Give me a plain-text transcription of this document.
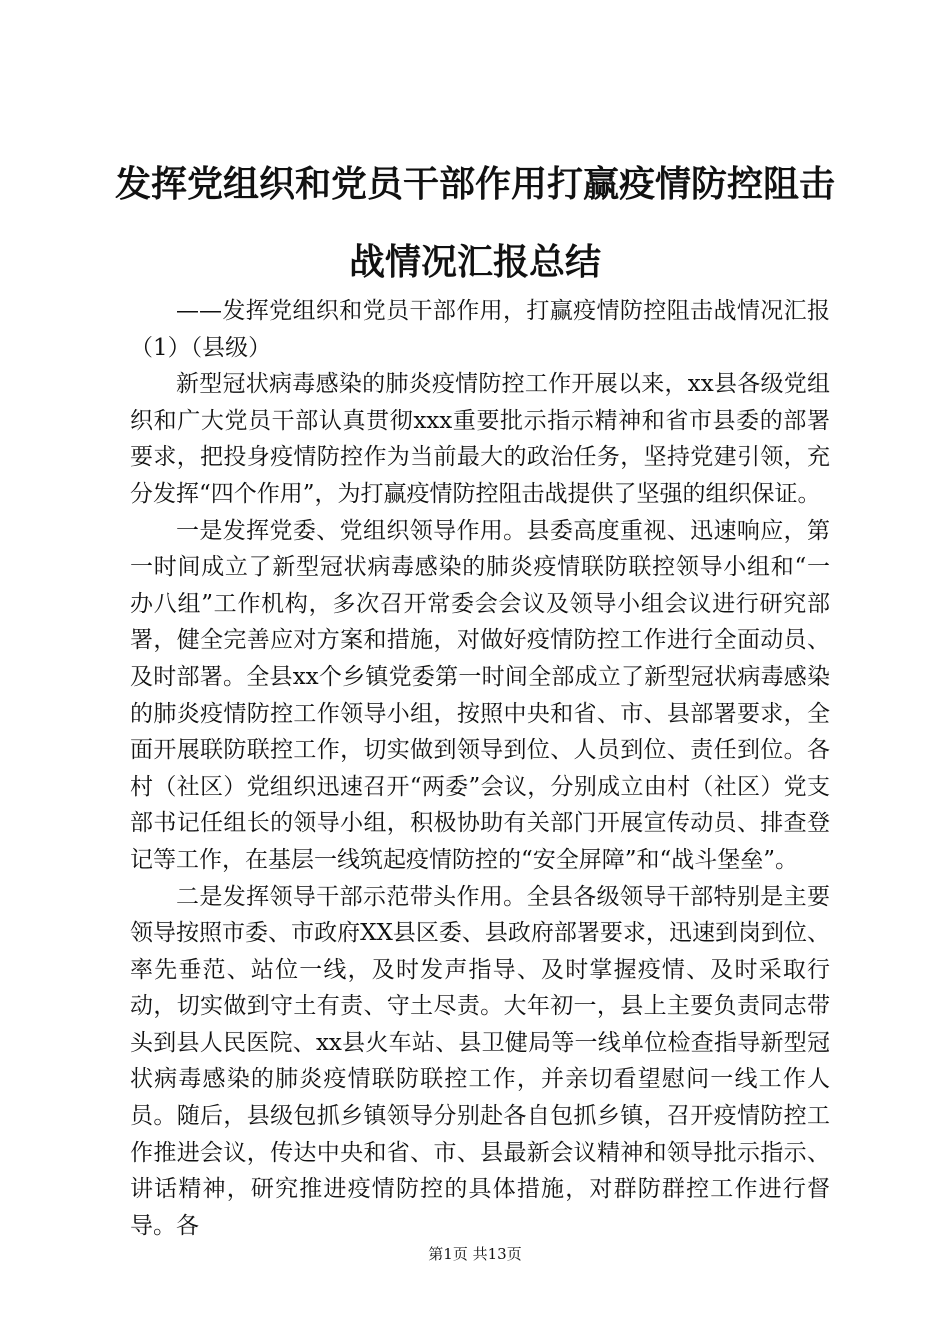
发挥党组织和党员干部作用打赢疫情防控阻击
战情况汇报总结

——发挥党组织和党员干部作用，打赢疫情防控阻击战情况汇报（1）（县级）

新型冠状病毒感染的肺炎疫情防控工作开展以来，xx县各级党组织和广大党员干部认真贯彻xxx重要批示指示精神和省市县委的部署要求，把投身疫情防控作为当前最大的政治任务，坚持党建引领，充分发挥“四个作用”，为打赢疫情防控阻击战提供了坚强的组织保证。

一是发挥党委、党组织领导作用。县委高度重视、迅速响应，第一时间成立了新型冠状病毒感染的肺炎疫情联防联控领导小组和“一办八组”工作机构，多次召开常委会会议及领导小组会议进行研究部署，健全完善应对方案和措施，对做好疫情防控工作进行全面动员、及时部署。全县xx个乡镇党委第一时间全部成立了新型冠状病毒感染的肺炎疫情防控工作领导小组，按照中央和省、市、县部署要求，全面开展联防联控工作，切实做到领导到位、人员到位、责任到位。各村（社区）党组织迅速召开“两委”会议，分别成立由村（社区）党支部书记任组长的领导小组，积极协助有关部门开展宣传动员、排查登记等工作，在基层一线筑起疫情防控的“安全屏障”和“战斗堡垒”。

二是发挥领导干部示范带头作用。全县各级领导干部特别是主要领导按照市委、市政府XX县区委、县政府部署要求，迅速到岗到位、率先垂范、站位一线，及时发声指导、及时掌握疫情、及时采取行动，切实做到守土有责、守土尽责。大年初一，县上主要负责同志带头到县人民医院、xx县火车站、县卫健局等一线单位检查指导新型冠状病毒感染的肺炎疫情联防联控工作，并亲切看望慰问一线工作人员。随后，县级包抓乡镇领导分别赴各自包抓乡镇，召开疫情防控工作推进会议，传达中央和省、市、县最新会议精神和领导批示指示、讲话精神，研究推进疫情防控的具体措施，对群防群控工作进行督导。各

第1页 共13页
